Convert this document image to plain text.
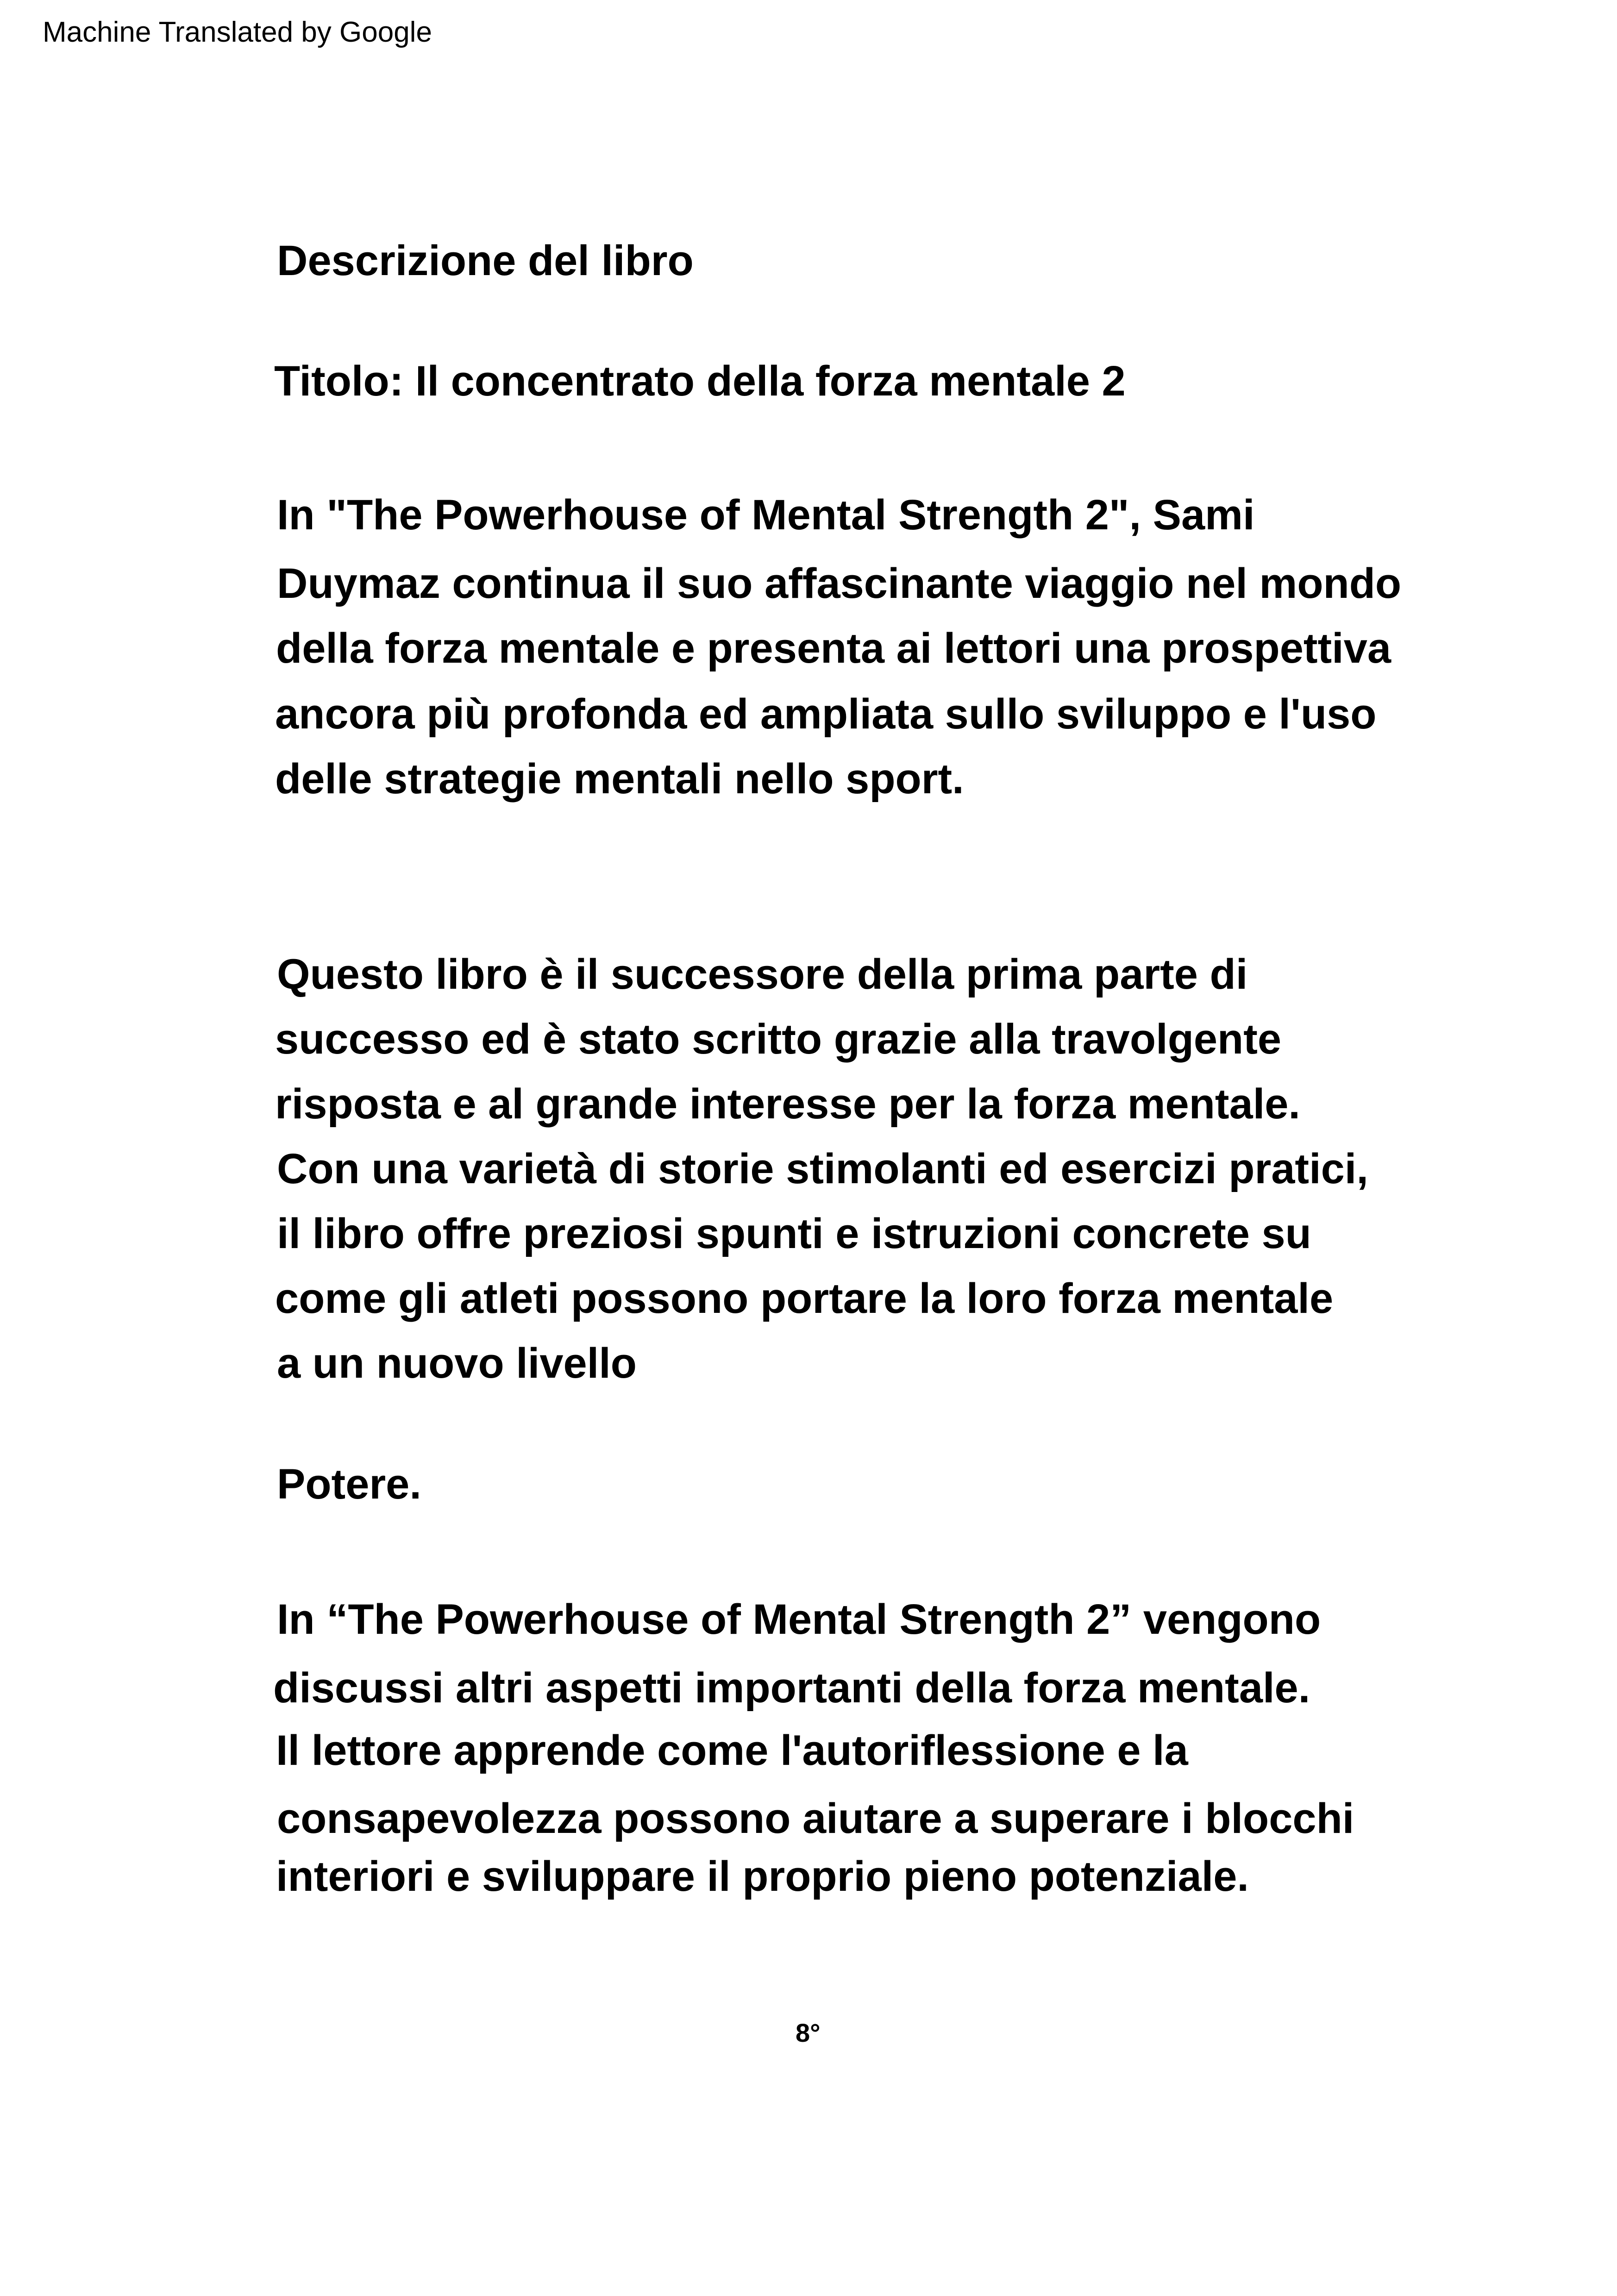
Machine Translated by Google
Descrizione del libro
Titolo: Il concentrato della forza mentale 2
In "The Powerhouse of Mental Strength 2", Sami
Duymaz continua il suo affascinante viaggio nel mondo
della forza mentale e presenta ai lettori una prospettiva
ancora più profonda ed ampliata sullo sviluppo e l'uso
delle strategie mentali nello sport.
Questo libro è il successore della prima parte di
successo ed è stato scritto grazie alla travolgente
risposta e al grande interesse per la forza mentale.
Con una varietà di storie stimolanti ed esercizi pratici,
il libro offre preziosi spunti e istruzioni concrete su
come gli atleti possono portare la loro forza mentale
a un nuovo livello
Potere.
In “The Powerhouse of Mental Strength 2” vengono
discussi altri aspetti importanti della forza mentale.
Il lettore apprende come l'autoriflessione e la
consapevolezza possono aiutare a superare i blocchi
interiori e sviluppare il proprio pieno potenziale.
8°
